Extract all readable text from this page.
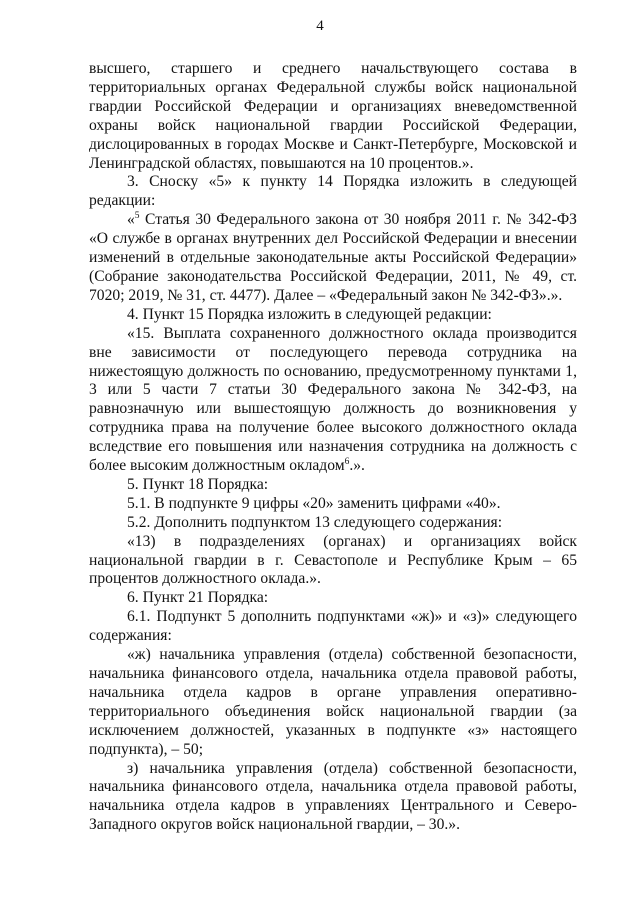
4

высшего, старшего и среднего начальствующего состава в территориальных органах Федеральной службы войск национальной гвардии Российской Федерации и организациях вневедомственной охраны войск национальной гвардии Российской Федерации, дислоцированных в городах Москве и Санкт-Петербурге, Московской и Ленинградской областях, повышаются на 10 процентов.».

3. Сноску «5» к пункту 14 Порядка изложить в следующей редакции:

«$^5$ Статья 30 Федерального закона от 30 ноября 2011 г. № 342-ФЗ «О службе в органах внутренних дел Российской Федерации и внесении изменений в отдельные законодательные акты Российской Федерации» (Собрание законодательства Российской Федерации, 2011, № 49, ст. 7020; 2019, № 31, ст. 4477). Далее – «Федеральный закон № 342-ФЗ».».

4. Пункт 15 Порядка изложить в следующей редакции:

«15. Выплата сохраненного должностного оклада производится вне зависимости от последующего перевода сотрудника на нижестоящую должность по основанию, предусмотренному пунктами 1, 3 или 5 части 7 статьи 30 Федерального закона № 342-ФЗ, на равнозначную или вышестоящую должность до возникновения у сотрудника права на получение более высокого должностного оклада вследствие его повышения или назначения сотрудника на должность с более высоким должностным окладом$^6$.».

5. Пункт 18 Порядка:

5.1. В подпункте 9 цифры «20» заменить цифрами «40».

5.2. Дополнить подпунктом 13 следующего содержания:

«13) в подразделениях (органах) и организациях войск национальной гвардии в г. Севастополе и Республике Крым – 65 процентов должностного оклада.».

6. Пункт 21 Порядка:

6.1. Подпункт 5 дополнить подпунктами «ж)» и «з)» следующего содержания:

«ж) начальника управления (отдела) собственной безопасности, начальника финансового отдела, начальника отдела правовой работы, начальника отдела кадров в органе управления оперативно-территориального объединения войск национальной гвардии (за исключением должностей, указанных в подпункте «з» настоящего подпункта), – 50;

з) начальника управления (отдела) собственной безопасности, начальника финансового отдела, начальника отдела правовой работы, начальника отдела кадров в управлениях Центрального и Северо-Западного округов войск национальной гвардии, – 30.».
